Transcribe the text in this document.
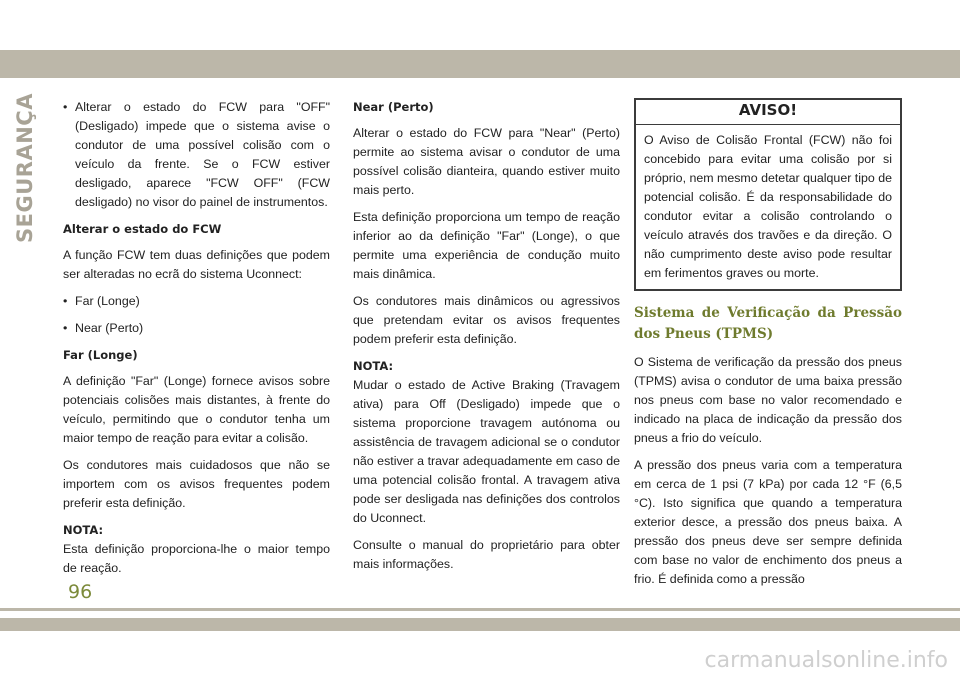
SEGURANÇA • Alterar o estado do FCW para "OFF" (Desligado) impede que o sistema avise o condutor de uma possível colisão com o veículo da frente. Se o FCW estiver desligado, aparece "FCW OFF" (FCW desligado) no visor do painel de instrumentos.

Alterar o estado do FCW

A função FCW tem duas definições que podem ser alteradas no ecrã do sistema Uconnect:

• Far (Longe)
• Near (Perto)

Far (Longe)

A definição "Far" (Longe) fornece avisos sobre potenciais colisões mais distantes, à frente do veículo, permitindo que o condutor tenha um maior tempo de reação para evitar a colisão.

Os condutores mais cuidadosos que não se importem com os avisos frequentes podem preferir esta definição.

NOTA:

Esta definição proporciona-lhe o maior tempo de reação.

Near (Perto)

Alterar o estado do FCW para "Near" (Perto) permite ao sistema avisar o condutor de uma possível colisão dianteira, quando estiver muito mais perto.

Esta definição proporciona um tempo de reação inferior ao da definição "Far" (Longe), o que permite uma experiência de condução muito mais dinâmica.

Os condutores mais dinâmicos ou agressivos que pretendam evitar os avisos frequentes podem preferir esta definição.

NOTA:

Mudar o estado de Active Braking (Travagem ativa) para Off (Desligado) impede que o sistema proporcione travagem autónoma ou assistência de travagem adicional se o condutor não estiver a travar adequadamente em caso de uma potencial colisão frontal. A travagem ativa pode ser desligada nas definições dos controlos do Uconnect.

Consulte o manual do proprietário para obter mais informações.

AVISO!
O Aviso de Colisão Frontal (FCW) não foi concebido para evitar uma colisão por si próprio, nem mesmo detetar qualquer tipo de potencial colisão. É da responsabilidade do condutor evitar a colisão controlando o veículo através dos travões e da direção. O não cumprimento deste aviso pode resultar em ferimentos graves ou morte.

Sistema de Verificação da Pressão dos Pneus (TPMS)

O Sistema de verificação da pressão dos pneus (TPMS) avisa o condutor de uma baixa pressão nos pneus com base no valor recomendado e indicado na placa de indicação da pressão dos pneus a frio do veículo.

A pressão dos pneus varia com a temperatura em cerca de 1 psi (7 kPa) por cada 12 °F (6,5 °C). Isto significa que quando a temperatura exterior desce, a pressão dos pneus baixa. A pressão dos pneus deve ser sempre definida com base no valor de enchimento dos pneus a frio. É definida como a pressão

96
carmanualsonline.info
